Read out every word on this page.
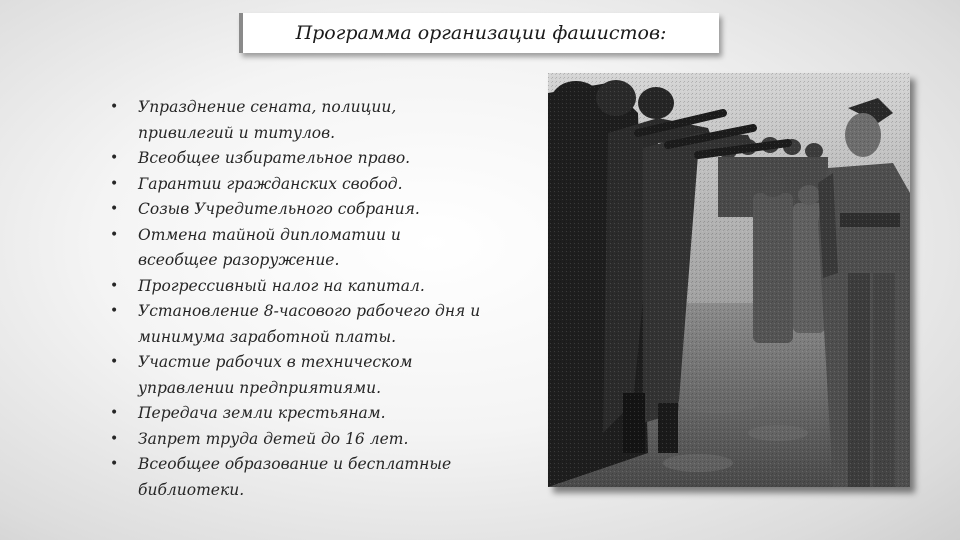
Программа организации фашистов:
• Упразднение сената, полиции,
привилегий и титулов.
• Всеобщее избирательное право.
• Гарантии гражданских свобод.
• Созыв Учредительного собрания.
• Отмена тайной дипломатии и
всеобщее разоружение.
• Прогрессивный налог на капитал.
• Установление 8-часового рабочего дня и
минимума заработной платы.
• Участие рабочих в техническом
управлении предприятиями.
• Передача земли крестьянам.
• Запрет труда детей до 16 лет.
• Всеобщее образование и бесплатные
библиотеки.
